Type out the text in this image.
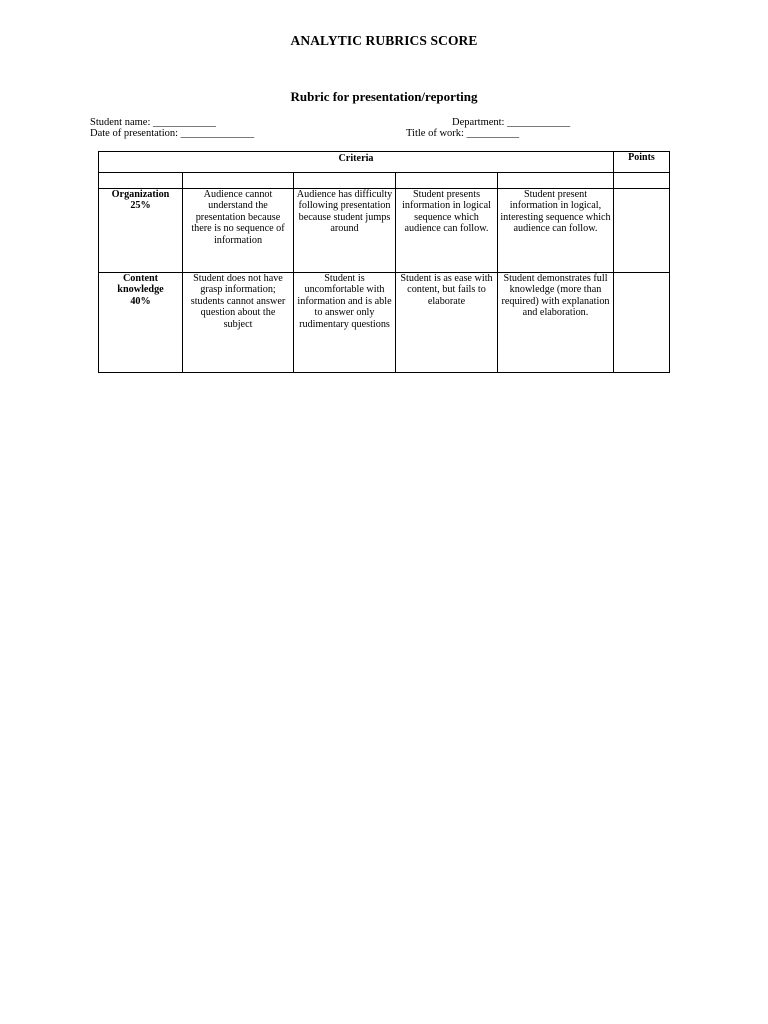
ANALYTIC RUBRICS SCORE
Rubric for presentation/reporting
Student name: ____________	Department: ____________
Date of presentation: ______________	Title of work: __________
Criteria					Points

Organization
25%	Audience cannot understand the presentation because there is no sequence of information	Audience has difficulty following presentation because student jumps around	Student presents information in logical sequence which audience can follow.	Student present information in logical, interesting sequence which audience can follow.	

Content knowledge
40%	Student does not have grasp information; students cannot answer question about the subject	Student is uncomfortable with information and is able to answer only rudimentary questions	Student is as ease with content, but fails to elaborate	Student demonstrates full knowledge (more than required) with explanation and elaboration.	
